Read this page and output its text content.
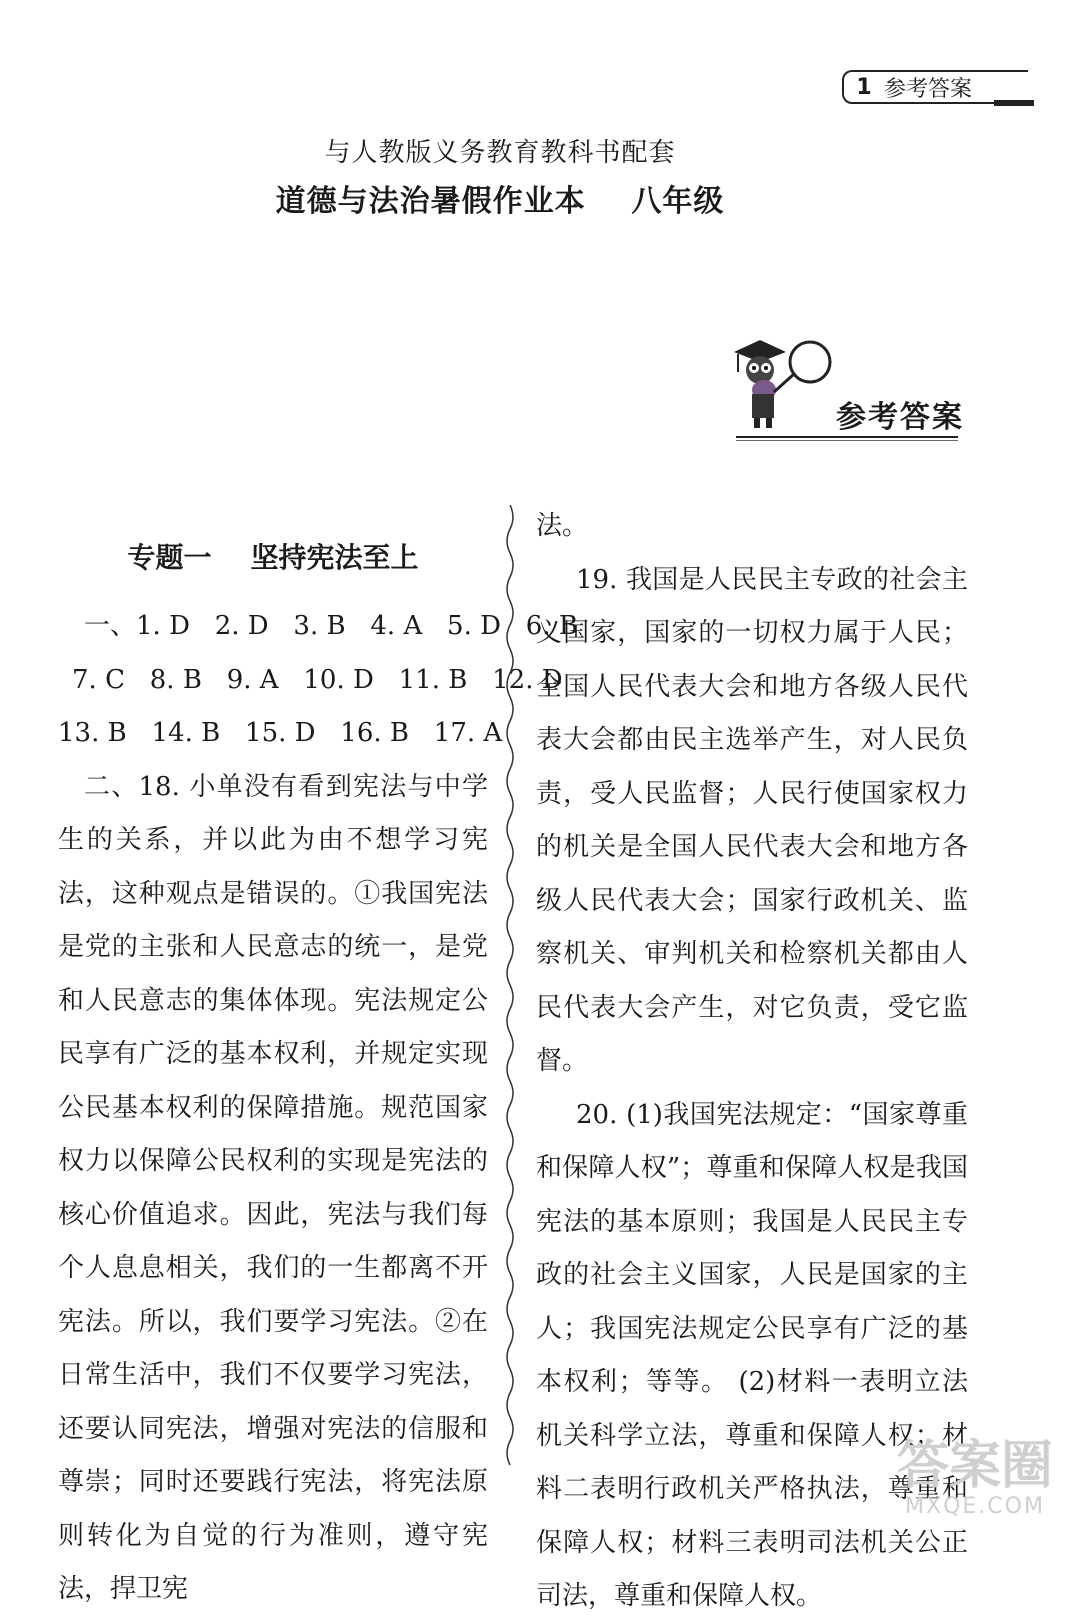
1 参考答案
与人教版义务教育教科书配套
道德与法治暑假作业本    八年级
参考答案
专题一    坚持宪法至上

一、1. D   2. D   3. B   4. A   5. D   6. B

7. C   8. B   9. A   10. D   11. B   12. D

13. B   14. B   15. D   16. B   17. A

二、18. 小单没有看到宪法与中学生的关系，并以此为由不想学习宪法，这种观点是错误的。①我国宪法是党的主张和人民意志的统一，是党和人民意志的集体体现。宪法规定公民享有广泛的基本权利，并规定实现公民基本权利的保障措施。规范国家权力以保障公民权利的实现是宪法的核心价值追求。因此，宪法与我们每个人息息相关，我们的一生都离不开宪法。所以，我们要学习宪法。②在日常生活中，我们不仅要学习宪法，还要认同宪法，增强对宪法的信服和尊崇；同时还要践行宪法，将宪法原则转化为自觉的行为准则，遵守宪法，捍卫宪

法。

19. 我国是人民民主专政的社会主义国家，国家的一切权力属于人民；全国人民代表大会和地方各级人民代表大会都由民主选举产生，对人民负责，受人民监督；人民行使国家权力的机关是全国人民代表大会和地方各级人民代表大会；国家行政机关、监察机关、审判机关和检察机关都由人民代表大会产生，对它负责，受它监督。

20. (1)我国宪法规定：“国家尊重和保障人权”；尊重和保障人权是我国宪法的基本原则；我国是人民民主专政的社会主义国家，人民是国家的主人；我国宪法规定公民享有广泛的基本权利；等等。 (2)材料一表明立法机关科学立法，尊重和保障人权；材料二表明行政机关严格执法，尊重和保障人权；材料三表明司法机关公正司法，尊重和保障人权。

答案圈
MXQE.COM
